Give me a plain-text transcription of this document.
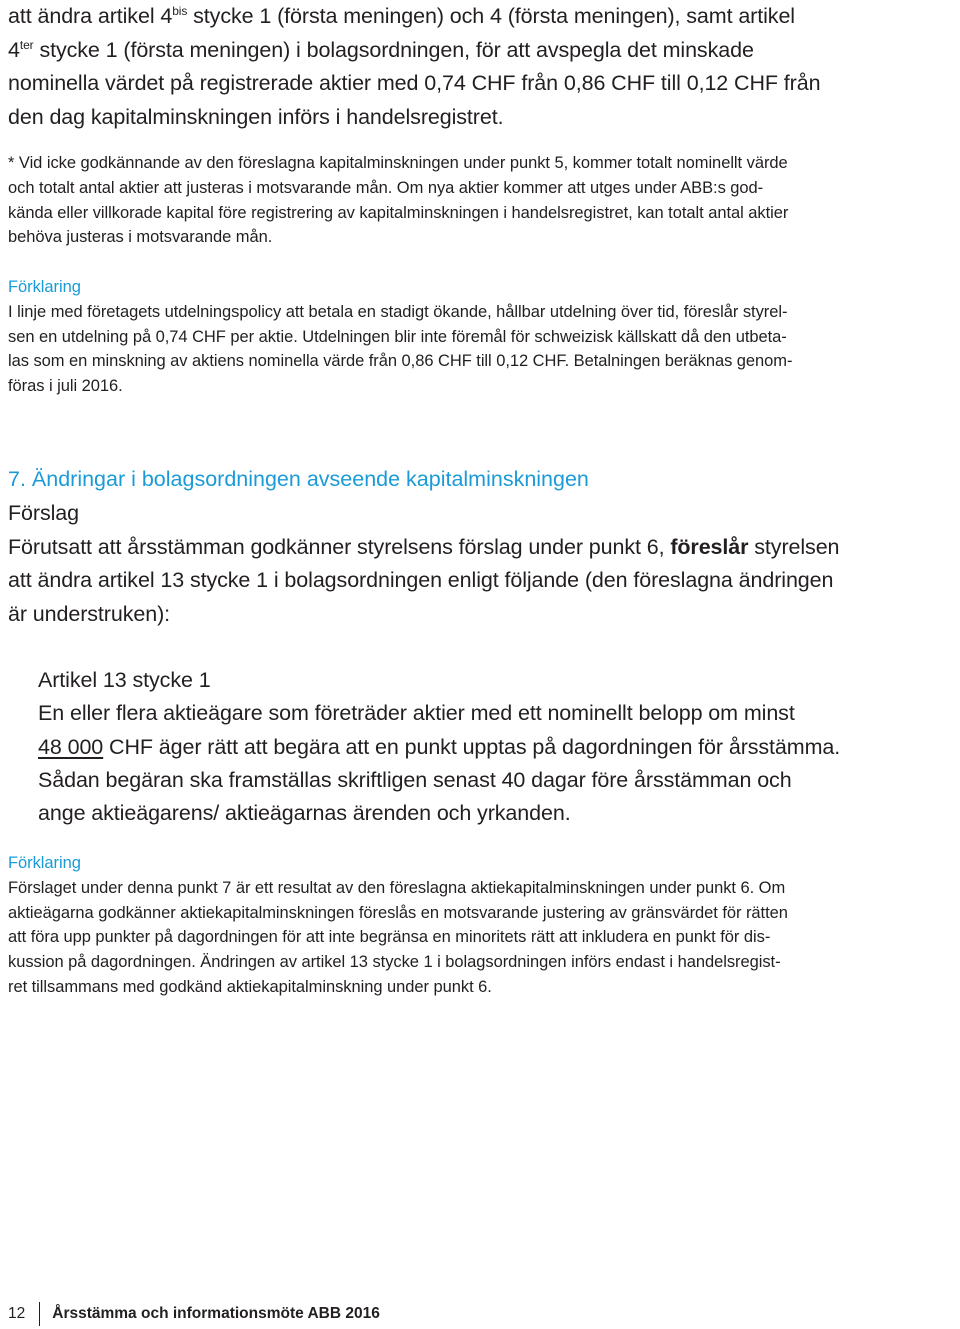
att ändra artikel $4^{bis}$ stycke 1 (första meningen) och 4 (första meningen), samt artikel
$4^{ter}$ stycke 1 (första meningen) i bolagsordningen, för att avspegla det minskade
nominella värdet på registrerade aktier med 0,74 CHF från 0,86 CHF till 0,12 CHF från
den dag kapitalminskningen införs i handelsregistret.

* Vid icke godkännande av den föreslagna kapitalminskningen under punkt 5, kommer totalt nominellt värde

och totalt antal aktier att justeras i motsvarande mån. Om nya aktier kommer att utges under ABB:s god-

kända eller villkorade kapital före registrering av kapitalminskningen i handelsregistret, kan totalt antal aktier

behöva justeras i motsvarande mån.

Förklaring

I linje med företagets utdelningspolicy att betala en stadigt ökande, hållbar utdelning över tid, föreslår styrel-

sen en utdelning på 0,74 CHF per aktie. Utdelningen blir inte föremål för schweizisk källskatt då den utbeta-

las som en minskning av aktiens nominella värde från 0,86 CHF till 0,12 CHF. Betalningen beräknas genom-

föras i juli 2016.

7. Ändringar i bolagsordningen avseende kapitalminskningen

Förslag

Förutsatt att årsstämman godkänner styrelsens förslag under punkt 6, föreslår styrelsen

att ändra artikel 13 stycke 1 i bolagsordningen enligt följande (den föreslagna ändringen

är understruken):

Artikel 13 stycke 1

En eller flera aktieägare som företräder aktier med ett nominellt belopp om minst

48 000 CHF äger rätt att begära att en punkt upptas på dagordningen för årsstämma.

Sådan begäran ska framställas skriftligen senast 40 dagar före årsstämman och

ange aktieägarens/ aktieägarnas ärenden och yrkanden.

Förklaring

Förslaget under denna punkt 7 är ett resultat av den föreslagna aktiekapitalminskningen under punkt 6. Om

aktieägarna godkänner aktiekapitalminskningen föreslås en motsvarande justering av gränsvärdet för rätten

att föra upp punkter på dagordningen för att inte begränsa en minoritets rätt att inkludera en punkt för dis-

kussion på dagordningen. Ändringen av artikel 13 stycke 1 i bolagsordningen införs endast i handelsregist-

ret tillsammans med godkänd aktiekapitalminskning under punkt 6.

12 Årsstämma och informationsmöte ABB 2016
